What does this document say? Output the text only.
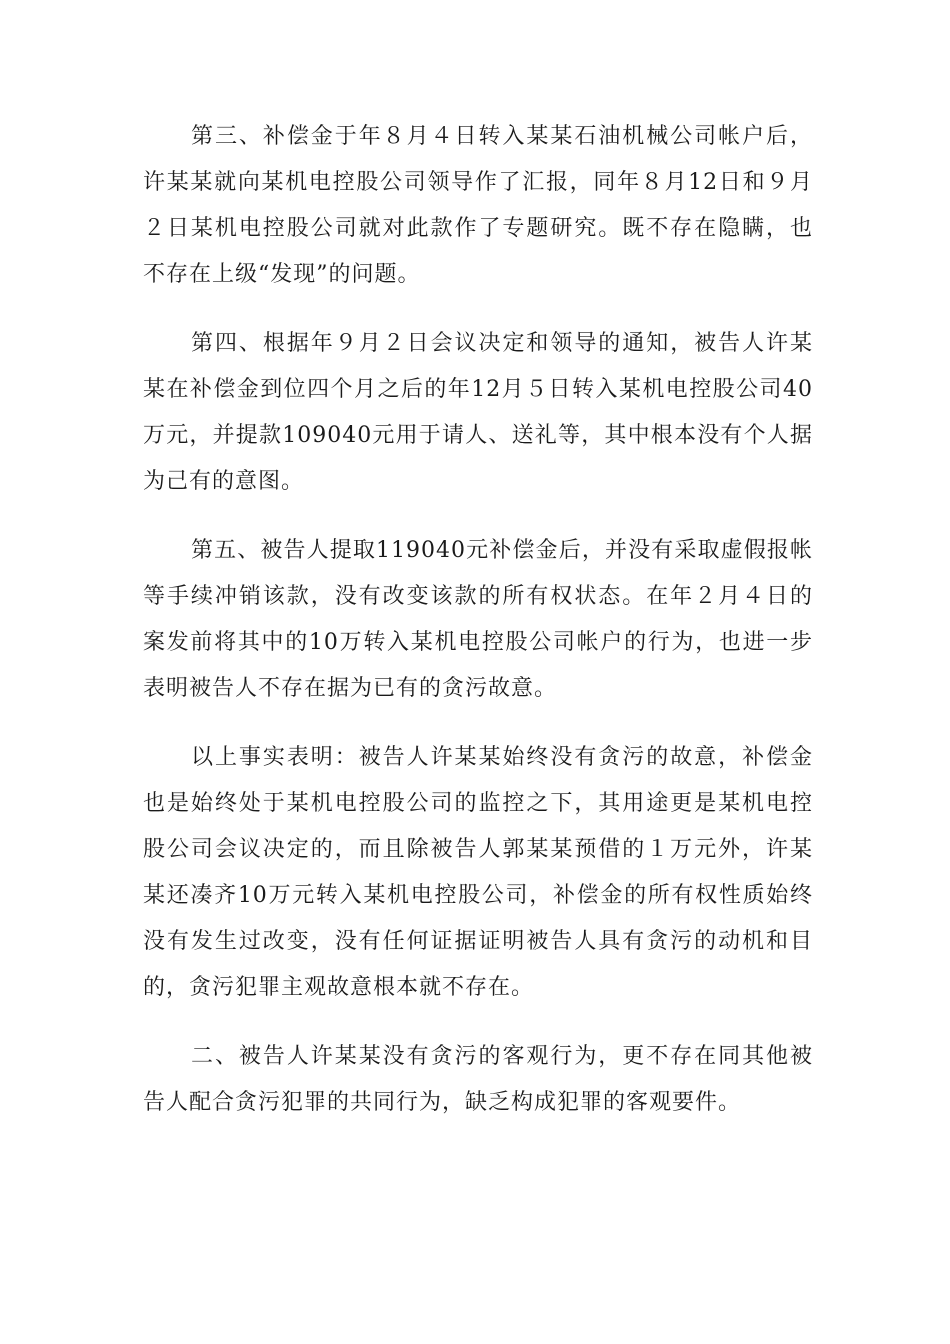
第三、补偿金于年８月４日转入某某石油机械公司帐户后，
许某某就向某机电控股公司领导作了汇报，同年８月12日和９月
２日某机电控股公司就对此款作了专题研究。既不存在隐瞒，也
不存在上级“发现”的问题。

第四、根据年９月２日会议决定和领导的通知，被告人许某
某在补偿金到位四个月之后的年12月５日转入某机电控股公司40
万元，并提款109040元用于请人、送礼等，其中根本没有个人据
为己有的意图。

第五、被告人提取119040元补偿金后，并没有采取虚假报帐
等手续冲销该款，没有改变该款的所有权状态。在年２月４日的
案发前将其中的10万转入某机电控股公司帐户的行为，也进一步
表明被告人不存在据为已有的贪污故意。

以上事实表明：被告人许某某始终没有贪污的故意，补偿金
也是始终处于某机电控股公司的监控之下，其用途更是某机电控
股公司会议决定的，而且除被告人郭某某预借的１万元外，许某
某还凑齐10万元转入某机电控股公司，补偿金的所有权性质始终
没有发生过改变，没有任何证据证明被告人具有贪污的动机和目
的，贪污犯罪主观故意根本就不存在。

二、被告人许某某没有贪污的客观行为，更不存在同其他被
告人配合贪污犯罪的共同行为，缺乏构成犯罪的客观要件。
